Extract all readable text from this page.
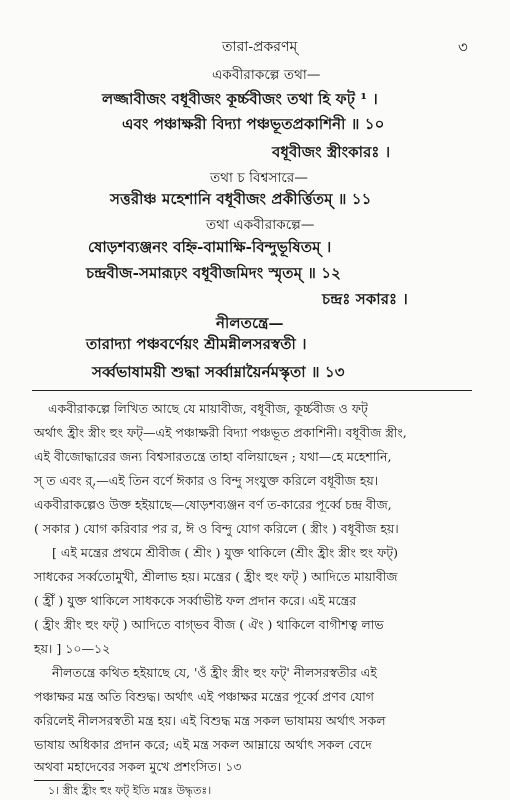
তারা-প্রকরণম্‌	৩
একবীরাকল্পে তথা—
লজ্জাবীজং বধূবীজং কূর্চ্চবীজং তথা হি ফট্‌ ¹ ।
এবং পঞ্চাক্ষরী বিদ্যা পঞ্চভূতপ্রকাশিনী ॥ ১০
বধূবীজং স্ত্রীংকারঃ ।
তথা চ বিশ্বসারে—
সত্তরীঞ্চ মহেশানি বধূবীজং প্রকীর্ত্তিতম্‌ ॥ ১১
তথা একবীরাকল্পে—
ষোড়শব্যঞ্জনং বহ্নি-বামাক্ষি-বিন্দুভূষিতম্‌ ।
চন্দ্রবীজ-সমারূঢ়ং বধূবীজমিদং স্মৃতম্‌ ॥ ১২
চন্দ্রঃ সকারঃ ।
নীলতন্ত্রে—
তারাদ্যা পঞ্চবর্ণেয়ং শ্রীমন্নীলসরস্বতী ।
সর্ব্বভাষাময়ী শুদ্ধা সর্ব্বাম্নায়ৈর্নমস্কৃতা ॥ ১৩
একবীরাকল্পে লিখিত আছে যে মায়াবীজ, বধূবীজ, কূর্চ্চবীজ ও ফট্‌
অর্থাৎ হ্রীং স্ত্রীং হুং ফট্‌—এই পঞ্চাক্ষরী বিদ্যা পঞ্চভূত প্রকাশিনী। বধূবীজ স্ত্রীং,
এই বীজোদ্ধারের জন্য বিশ্বসারতন্ত্রে তাহা বলিয়াছেন ; যথা—হে মহেশানি,
স্‌ ত এবং র্‌,—এই তিন বর্ণে ঈকার ও বিন্দু সংযুক্ত করিলে বধূবীজ হয়।
একবীরাকল্পেও উক্ত হইয়াছে—ষোড়শব্যঞ্জন বর্ণ ত-কারের পূর্ব্বে চন্দ্র বীজ,
( সকার ) যোগ করিবার পর র, ঈ ও বিন্দু যোগ করিলে ( স্ত্রীং ) বধূবীজ হয়।
[ এই মন্ত্রের প্রথমে শ্রীবীজ ( শ্রীং ) যুক্ত থাকিলে (শ্রীং হ্রীং স্ত্রীং হুং ফট্‌)
সাধকের সর্ব্বতোমুখী, শ্রীলাভ হয়। মন্ত্রের ( হ্রীং হুং ফট্‌ ) আদিতে মায়াবীজ
( হ্রীঁ ) যুক্ত থাকিলে সাধককে সর্ব্বাভীষ্ট ফল প্রদান করে। এই মন্ত্রের
( হ্রীং স্ত্রীং হুং ফট্‌ ) আদিতে বাগ্‌ভব বীজ ( ঐং ) থাকিলে বাগীশত্ব লাভ
হয়। ] ১০—১২
নীলতন্ত্রে কথিত হইয়াছে যে, 'ওঁ হ্রীং স্ত্রীং হুং ফট্‌' নীলসরস্বতীর এই
পঞ্চাক্ষর মন্ত্র অতি বিশুদ্ধ। অর্থাৎ এই পঞ্চাক্ষর মন্ত্রের পূর্ব্বে প্রণব যোগ
করিলেই নীলসরস্বতী মন্ত্র হয়। এই বিশুদ্ধ মন্ত্র সকল ভাষাময় অর্থাৎ সকল
ভাষায় অধিকার প্রদান করে; এই মন্ত্র সকল আম্নায়ে অর্থাৎ সকল বেদে
অথবা মহাদেবের সকল মুখে প্রশংসিত। ১৩
১। স্ত্রীং হ্রীং হুং ফট্‌ ইতি মন্ত্রঃ উদ্ধৃতঃ।
